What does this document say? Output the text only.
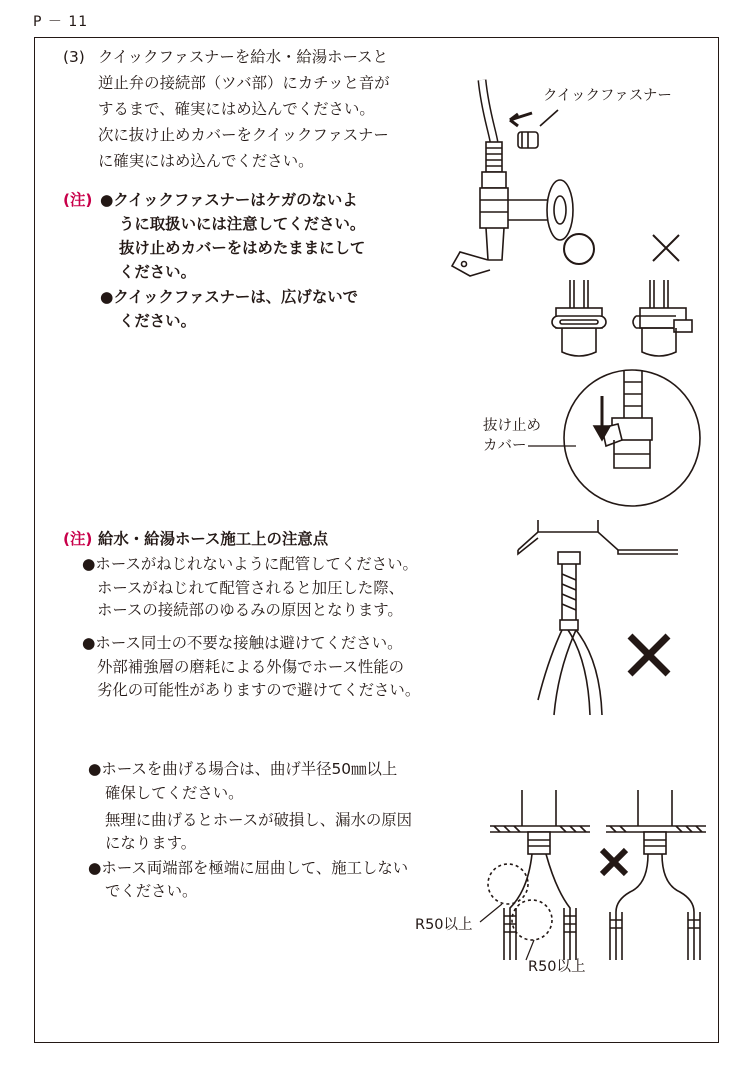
P － 11
(3) クイックファスナーを給水・給湯ホースと
逆止弁の接続部（ツバ部）にカチッと音が
するまで、確実にはめ込んでください。
次に抜け止めカバーをクイックファスナー
に確実にはめ込んでください。
(注) ●クイックファスナーはケガのないよ
うに取扱いには注意してください。
抜け止めカバーをはめたままにして
ください。
●クイックファスナーは、広げないで
ください。
クイックファスナー
抜け止め
カバー
(注) 給水・給湯ホース施工上の注意点
●ホースがねじれないように配管してください。
ホースがねじれて配管されると加圧した際、
ホースの接続部のゆるみの原因となります。
●ホース同士の不要な接触は避けてください。
外部補強層の磨耗による外傷でホース性能の
劣化の可能性がありますので避けてください。
●ホースを曲げる場合は、曲げ半径50㎜以上
確保してください。
無理に曲げるとホースが破損し、漏水の原因
になります。
●ホース両端部を極端に屈曲して、施工しない
でください。
R50以上
R50以上
